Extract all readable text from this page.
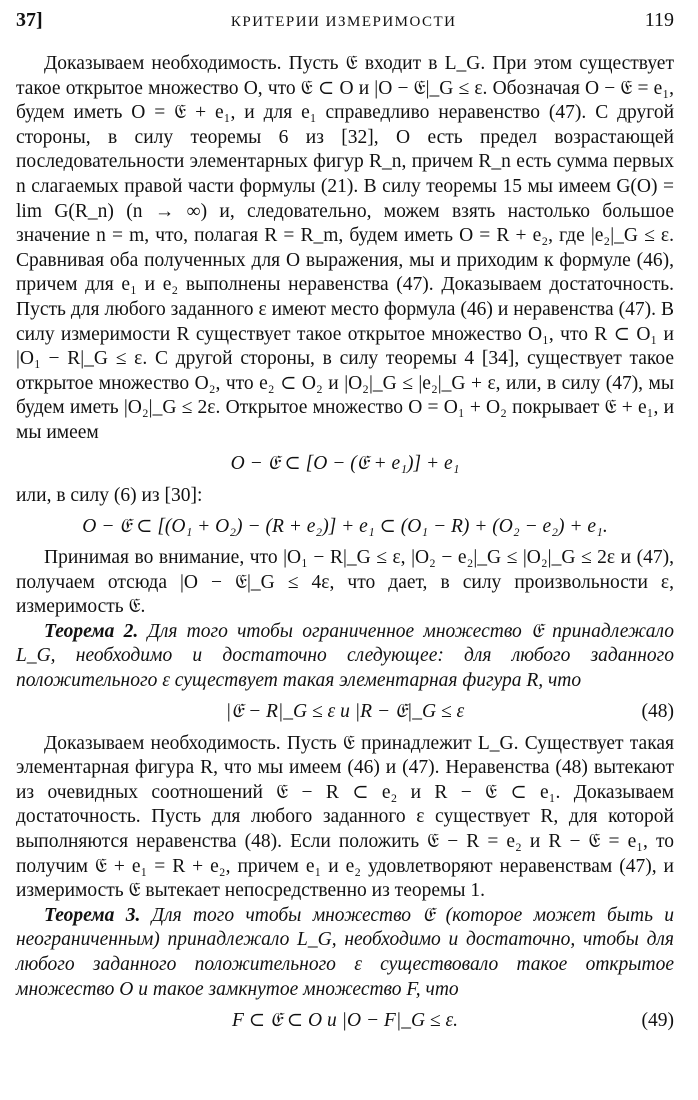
37]	КРИТЕРИИ ИЗМЕРИМОСТИ	119

Доказываем необходимость. Пусть 𝔈 входит в L_G. При этом существует такое открытое множество O, что 𝔈 ⊂ O и |O − 𝔈|_G ≤ ε. Обозначая O − 𝔈 = e₁, будем иметь O = 𝔈 + e₁, и для e₁ справедливо неравенство (47). С другой стороны, в силу теоремы 6 из [32], O есть предел возрастающей последовательности элементарных фигур R_n, причем R_n есть сумма первых n слагаемых правой части формулы (21). В силу теоремы 15 мы имеем G(O) = lim G(R_n) (n → ∞) и, следовательно, можем взять настолько большое значение n = m, что, полагая R = R_m, будем иметь O = R + e₂, где |e₂|_G ≤ ε. Сравнивая оба полученных для O выражения, мы и приходим к формуле (46), причем для e₁ и e₂ выполнены неравенства (47). Доказываем достаточность. Пусть для любого заданного ε имеют место формула (46) и неравенства (47). В силу измеримости R существует такое открытое множество O₁, что R ⊂ O₁ и |O₁ − R|_G ≤ ε. С другой стороны, в силу теоремы 4 [34], существует такое открытое множество O₂, что e₂ ⊂ O₂ и |O₂|_G ≤ |e₂|_G + ε, или, в силу (47), мы будем иметь |O₂|_G ≤ 2ε. Открытое множество O = O₁ + O₂ покрывает 𝔈 + e₁, и мы имеем

O − 𝔈 ⊂ [O − (𝔈 + e₁)] + e₁

или, в силу (6) из [30]:

O − 𝔈 ⊂ [(O₁ + O₂) − (R + e₂)] + e₁ ⊂ (O₁ − R) + (O₂ − e₂) + e₁.

Принимая во внимание, что |O₁ − R|_G ≤ ε, |O₂ − e₂|_G ≤ |O₂|_G ≤ 2ε и (47), получаем отсюда |O − 𝔈|_G ≤ 4ε, что дает, в силу произвольности ε, измеримость 𝔈.

Теорема 2. Для того чтобы ограниченное множество 𝔈 принадлежало L_G, необходимо и достаточно следующее: для любого заданного положительного ε существует такая элементарная фигура R, что

|𝔈 − R|_G ≤ ε и |R − 𝔈|_G ≤ ε	(48)

Доказываем необходимость. Пусть 𝔈 принадлежит L_G. Существует такая элементарная фигура R, что мы имеем (46) и (47). Неравенства (48) вытекают из очевидных соотношений 𝔈 − R ⊂ e₂ и R − 𝔈 ⊂ e₁. Доказываем достаточность. Пусть для любого заданного ε существует R, для которой выполняются неравенства (48). Если положить 𝔈 − R = e₂ и R − 𝔈 = e₁, то получим 𝔈 + e₁ = R + e₂, причем e₁ и e₂ удовлетворяют неравенствам (47), и измеримость 𝔈 вытекает непосредственно из теоремы 1.

Теорема 3. Для того чтобы множество 𝔈 (которое может быть и неограниченным) принадлежало L_G, необходимо и достаточно, чтобы для любого заданного положительного ε существовало такое открытое множество O и такое замкнутое множество F, что

F ⊂ 𝔈 ⊂ O и |O − F|_G ≤ ε.	(49)
